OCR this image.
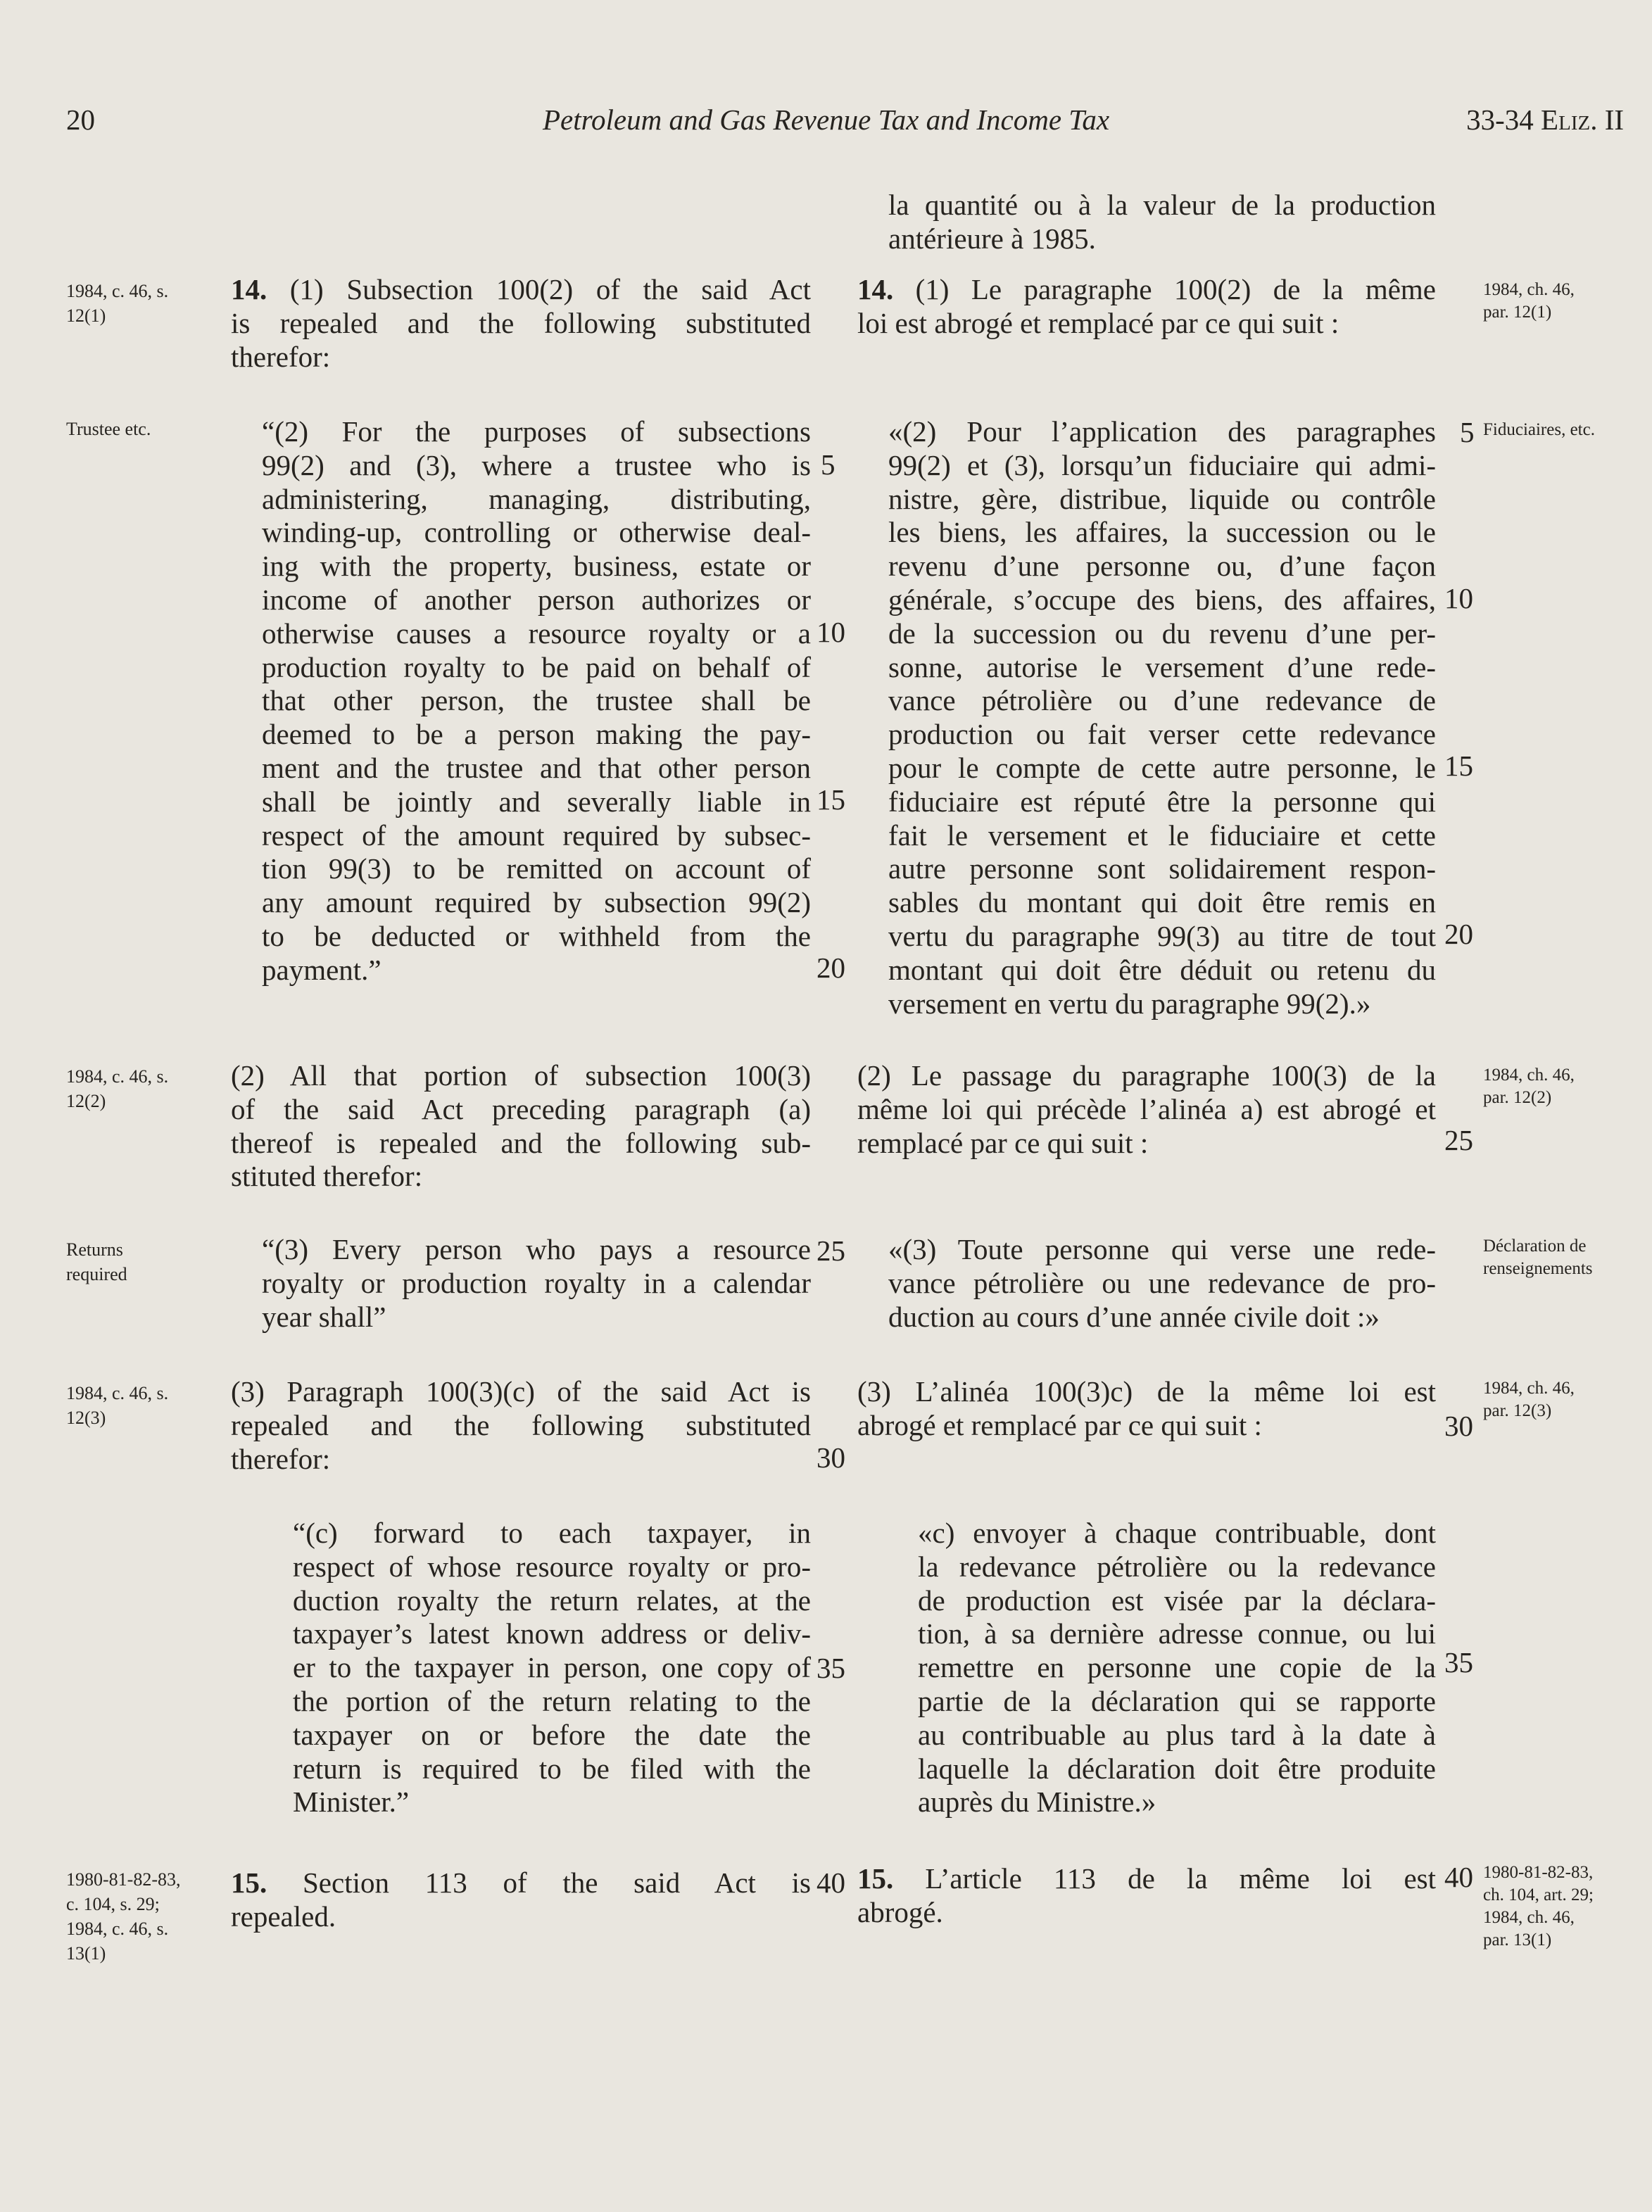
20	Petroleum and Gas Revenue Tax and Income Tax	33-34 Eliz. II
1984, c. 46, s.
12(1)
Trustee etc.
1984, c. 46, s.
12(2)
Returns
required
1984, c. 46, s.
12(3)
1980-81-82-83,
c. 104, s. 29;
1984, c. 46, s.
13(1)
1984, ch. 46,
par. 12(1)
Fiduciaires, etc.
1984, ch. 46,
par. 12(2)
Déclaration de
renseignements
1984, ch. 46,
par. 12(3)
1980-81-82-83,
ch. 104, art. 29;
1984, ch. 46,
par. 13(1)
14. (1) Subsection 100(2) of the said Act
is repealed and the following substituted
therefor:
“(2) For the purposes of subsections
99(2) and (3), where a trustee who is
administering, managing, distributing,
winding-up, controlling or otherwise deal-
ing with the property, business, estate or
income of another person authorizes or
otherwise causes a resource royalty or a
production royalty to be paid on behalf of
that other person, the trustee shall be
deemed to be a person making the pay-
ment and the trustee and that other person
shall be jointly and severally liable in
respect of the amount required by subsec-
tion 99(3) to be remitted on account of
any amount required by subsection 99(2)
to be deducted or withheld from the
payment.”
(2) All that portion of subsection 100(3)
of the said Act preceding paragraph (a)
thereof is repealed and the following sub-
stituted therefor:
“(3) Every person who pays a resource
royalty or production royalty in a calendar
year shall”
(3) Paragraph 100(3)(c) of the said Act is
repealed and the following substituted
therefor:
“(c) forward to each taxpayer, in
respect of whose resource royalty or pro-
duction royalty the return relates, at the
taxpayer’s latest known address or deliv-
er to the taxpayer in person, one copy of
the portion of the return relating to the
taxpayer on or before the date the
return is required to be filed with the
Minister.”
15. Section 113 of the said Act is
repealed.
5
10
15
20
25
30
35
40
la quantité ou à la valeur de la production
antérieure à 1985.
14. (1) Le paragraphe 100(2) de la même
loi est abrogé et remplacé par ce qui suit :
«(2) Pour l’application des paragraphes
99(2) et (3), lorsqu’un fiduciaire qui admi-
nistre, gère, distribue, liquide ou contrôle
les biens, les affaires, la succession ou le
revenu d’une personne ou, d’une façon
générale, s’occupe des biens, des affaires,
de la succession ou du revenu d’une per-
sonne, autorise le versement d’une rede-
vance pétrolière ou d’une redevance de
production ou fait verser cette redevance
pour le compte de cette autre personne, le
fiduciaire est réputé être la personne qui
fait le versement et le fiduciaire et cette
autre personne sont solidairement respon-
sables du montant qui doit être remis en
vertu du paragraphe 99(3) au titre de tout
montant qui doit être déduit ou retenu du
versement en vertu du paragraphe 99(2).»
(2) Le passage du paragraphe 100(3) de la
même loi qui précède l’alinéa a) est abrogé et
remplacé par ce qui suit :
«(3) Toute personne qui verse une rede-
vance pétrolière ou une redevance de pro-
duction au cours d’une année civile doit :»
(3) L’alinéa 100(3)c) de la même loi est
abrogé et remplacé par ce qui suit :
«c) envoyer à chaque contribuable, dont
la redevance pétrolière ou la redevance
de production est visée par la déclara-
tion, à sa dernière adresse connue, ou lui
remettre en personne une copie de la
partie de la déclaration qui se rapporte
au contribuable au plus tard à la date à
laquelle la déclaration doit être produite
auprès du Ministre.»
15. L’article 113 de la même loi est
abrogé.
5
10
15
20
25
30
35
40
